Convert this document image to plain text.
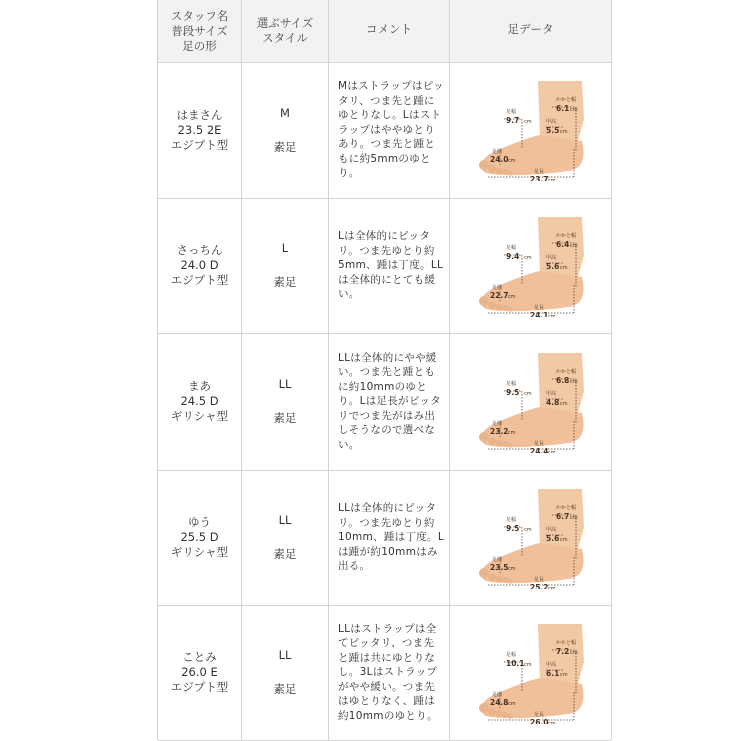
スタッフ名
普段サイズ
足の形
選ぶサイズ
スタイル
コメント	足データ
はまさん
23.5 2E
エジプト型
M
素足
Mはストラップはピッタリ、つま先と踵にゆとりなし。Lはストラップはややゆとりあり。つま先と踵ともに約5mmのゆとり。
足幅
9.7 cm
かかと幅
6.1 cm
甲高
5.5 cm
足囲
24.0 cm
足長
23.7 cm
さっちん
24.0 D
エジプト型
L
素足
Lは全体的にピッタリ。つま先ゆとり約5mm、踵は丁度。LLは全体的にとても緩い。
足幅
9.4 cm
かかと幅
6.4 cm
甲高
5.6 cm
足囲
22.7 cm
足長
24.1 cm
まあ
24.5 D
ギリシャ型
LL
素足
LLは全体的にやや緩い。つま先と踵ともに約10mmのゆとり。Lは足長がピッタリでつま先がはみ出しそうなので選べない。
足幅
9.5 cm
かかと幅
6.8 cm
甲高
4.8 cm
足囲
23.2 cm
足長
24.4 cm
ゆう
25.5 D
ギリシャ型
LL
素足
LLは全体的にピッタリ。つま先ゆとり約10mm、踵は丁度。Lは踵が約10mmはみ出る。
足幅
9.5 cm
かかと幅
6.7 cm
甲高
5.6 cm
足囲
23.5 cm
足長
25.2 cm
ことみ
26.0 E
エジプト型
LL
素足
LLはストラップは全てピッタリ、つま先と踵は共にゆとりなし。3Lはストラップがやや緩い。つま先はゆとりなく、踵は約10mmのゆとり。
足幅
10.1 cm
かかと幅
7.2 cm
甲高
6.1 cm
足囲
24.8 cm
足長
26.0 cm
